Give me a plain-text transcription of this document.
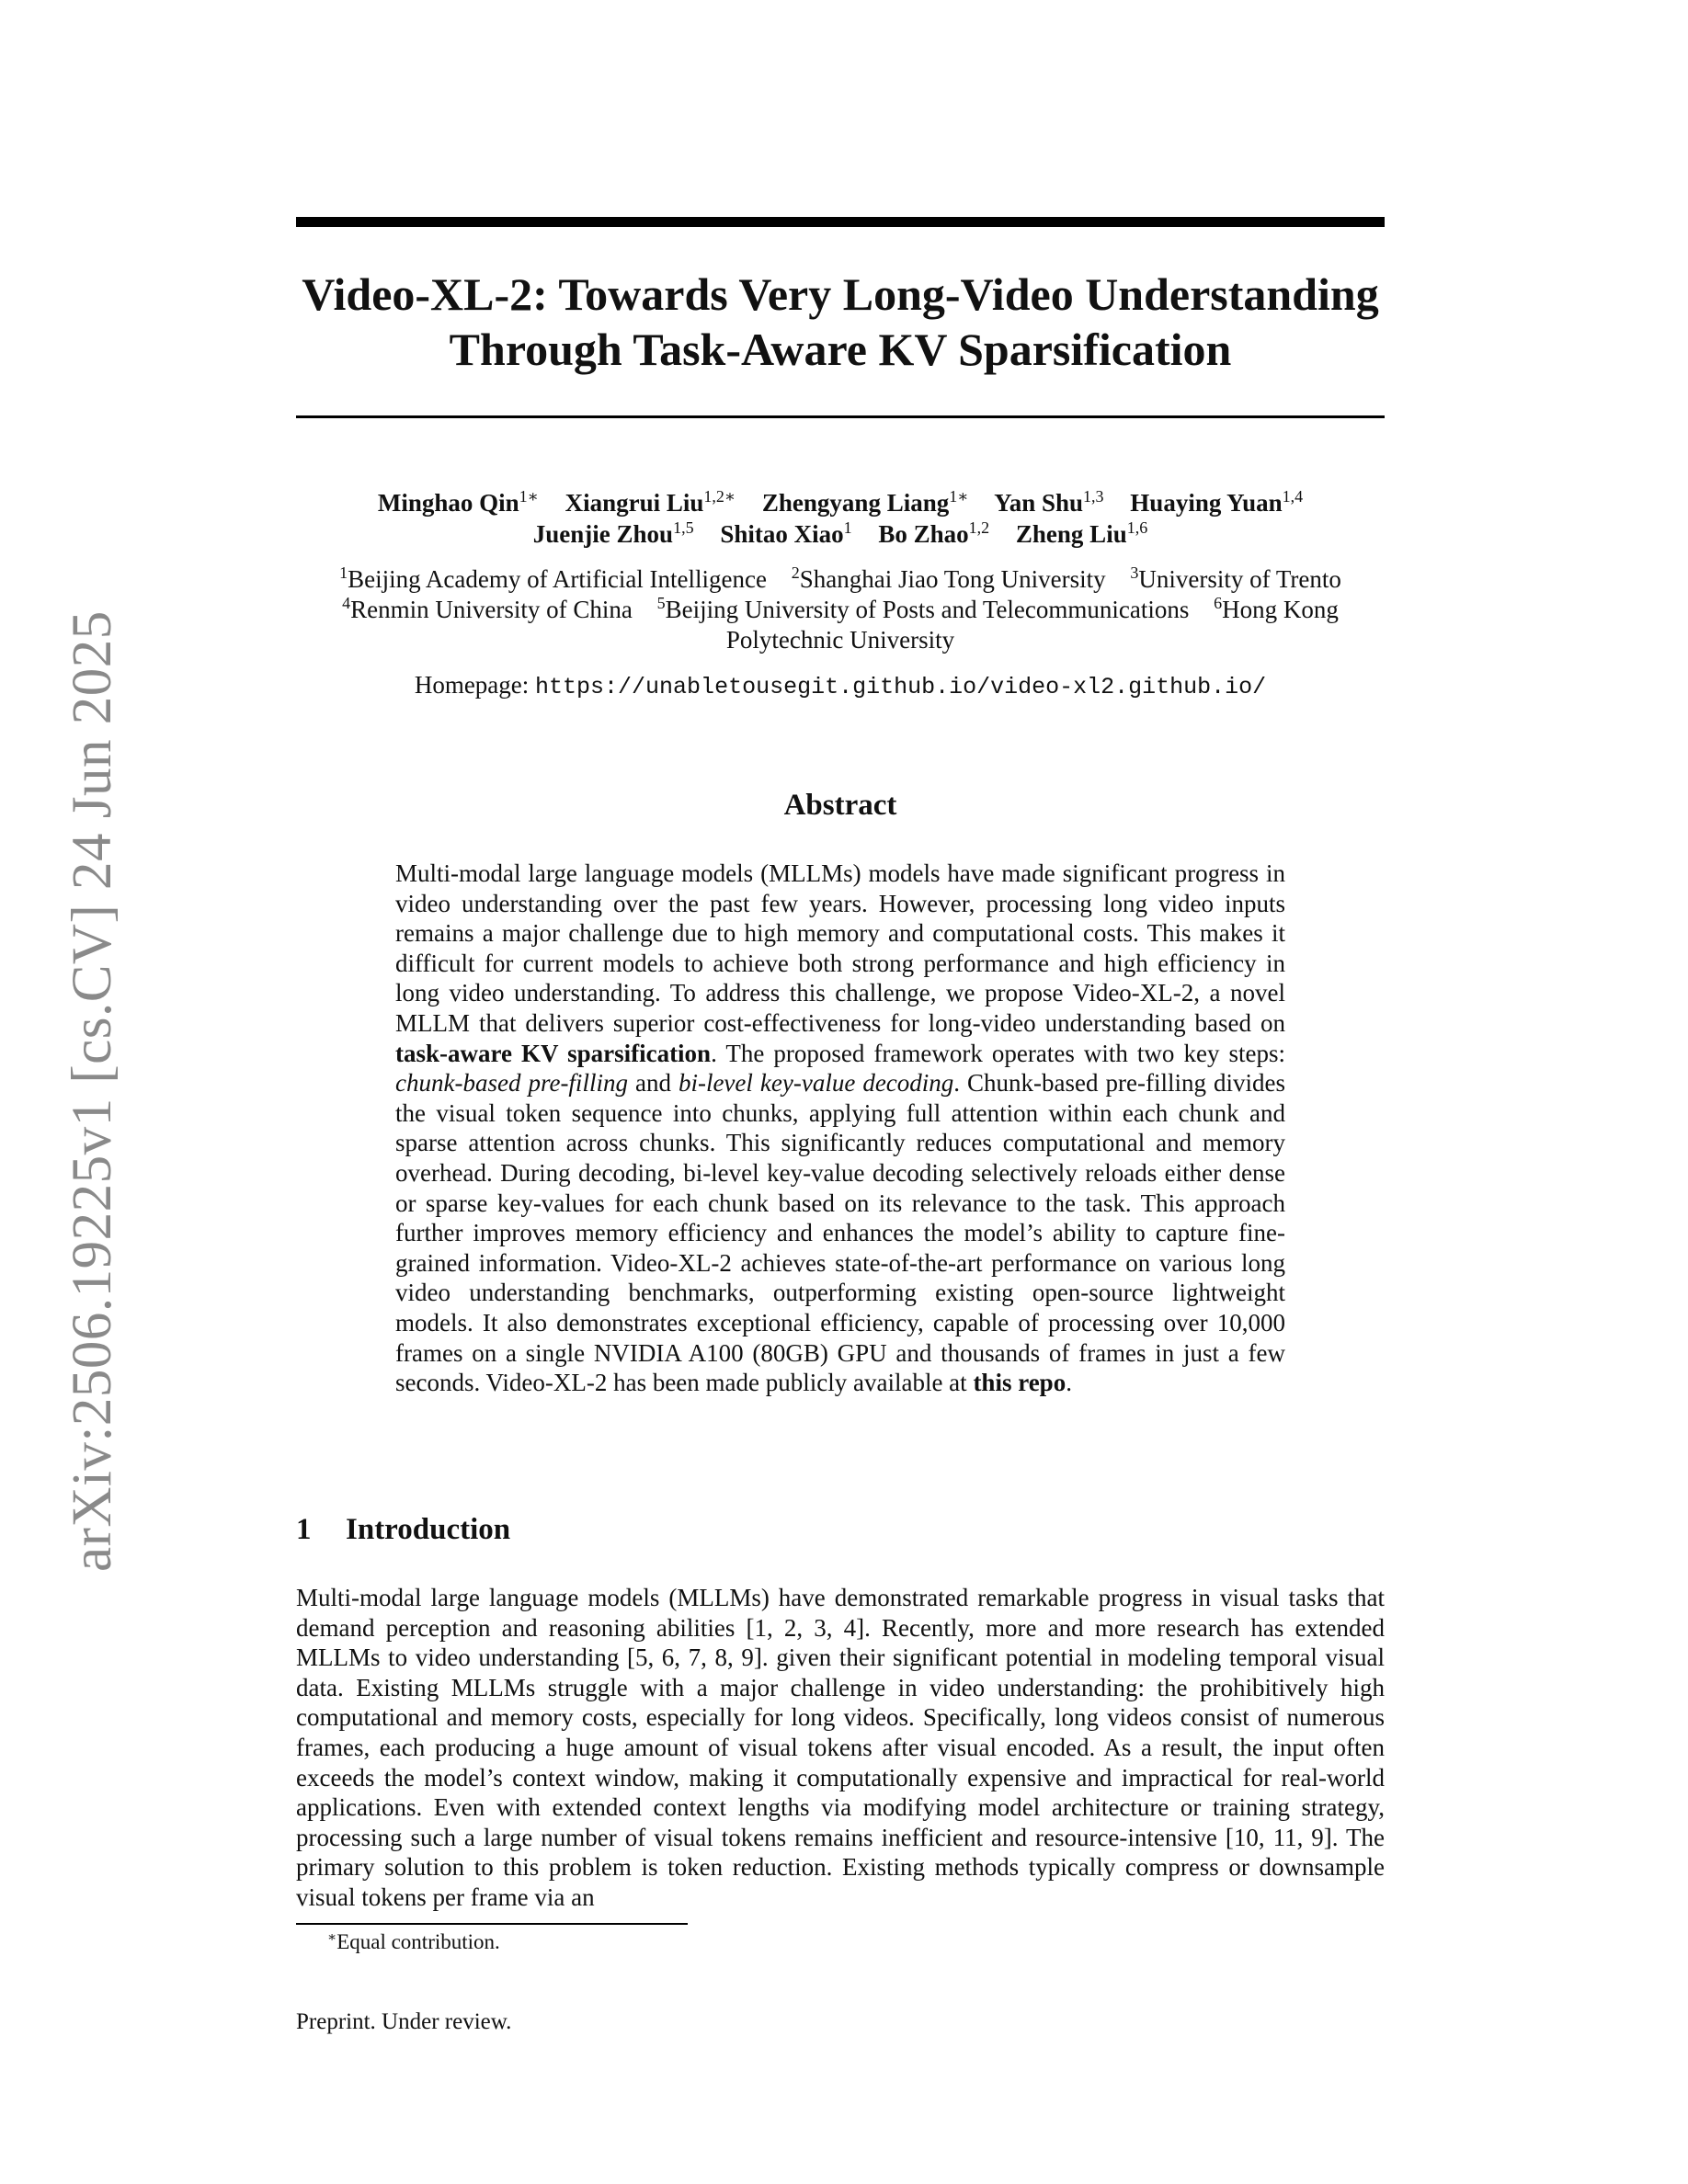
arXiv:2506.19225v1 [cs.CV] 24 Jun 2025
Video-XL-2: Towards Very Long-Video Understanding
Through Task-Aware KV Sparsification
Minghao Qin$^{1∗}$ Xiangrui Liu$^{1,2∗}$ Zhengyang Liang$^{1∗}$ Yan Shu$^{1,3}$ Huaying Yuan$^{1,4}$
Juenjie Zhou$^{1,5}$ Shitao Xiao$^1$ Bo Zhao$^{1,2}$ Zheng Liu$^{1,6}$
$^1$Beijing Academy of Artificial Intelligence $^2$Shanghai Jiao Tong University $^3$University of Trento
$^4$Renmin University of China $^5$Beijing University of Posts and Telecommunications $^6$Hong Kong
Polytechnic University
Homepage: https://unabletousegit.github.io/video-xl2.github.io/
Abstract
Multi-modal large language models (MLLMs) models have made significant progress in video understanding over the past few years. However, processing long video inputs remains a major challenge due to high memory and computational costs. This makes it difficult for current models to achieve both strong performance and high efficiency in long video understanding. To address this challenge, we propose Video-XL-2, a novel MLLM that delivers superior cost-effectiveness for long-video understanding based on task-aware KV sparsification. The proposed framework operates with two key steps: chunk-based pre-filling and bi-level key-value decoding. Chunk-based pre-filling divides the visual token sequence into chunks, applying full attention within each chunk and sparse attention across chunks. This significantly reduces computational and memory overhead. During decoding, bi-level key-value decoding selectively reloads either dense or sparse key-values for each chunk based on its relevance to the task. This approach further improves memory efficiency and enhances the model’s ability to capture fine-grained information. Video-XL-2 achieves state-of-the-art performance on various long video understanding benchmarks, outperforming existing open-source lightweight models. It also demonstrates exceptional efficiency, capable of processing over 10,000 frames on a single NVIDIA A100 (80GB) GPU and thousands of frames in just a few seconds. Video-XL-2 has been made publicly available at this repo.
1 Introduction
Multi-modal large language models (MLLMs) have demonstrated remarkable progress in visual tasks that demand perception and reasoning abilities [1, 2, 3, 4]. Recently, more and more research has extended MLLMs to video understanding [5, 6, 7, 8, 9]. given their significant potential in modeling temporal visual data. Existing MLLMs struggle with a major challenge in video understanding: the prohibitively high computational and memory costs, especially for long videos. Specifically, long videos consist of numerous frames, each producing a huge amount of visual tokens after visual encoded. As a result, the input often exceeds the model’s context window, making it computationally expensive and impractical for real-world applications. Even with extended context lengths via modifying model architecture or training strategy, processing such a large number of visual tokens remains inefficient and resource-intensive [10, 11, 9]. The primary solution to this problem is token reduction. Existing methods typically compress or downsample visual tokens per frame via an
∗Equal contribution.
Preprint. Under review.
